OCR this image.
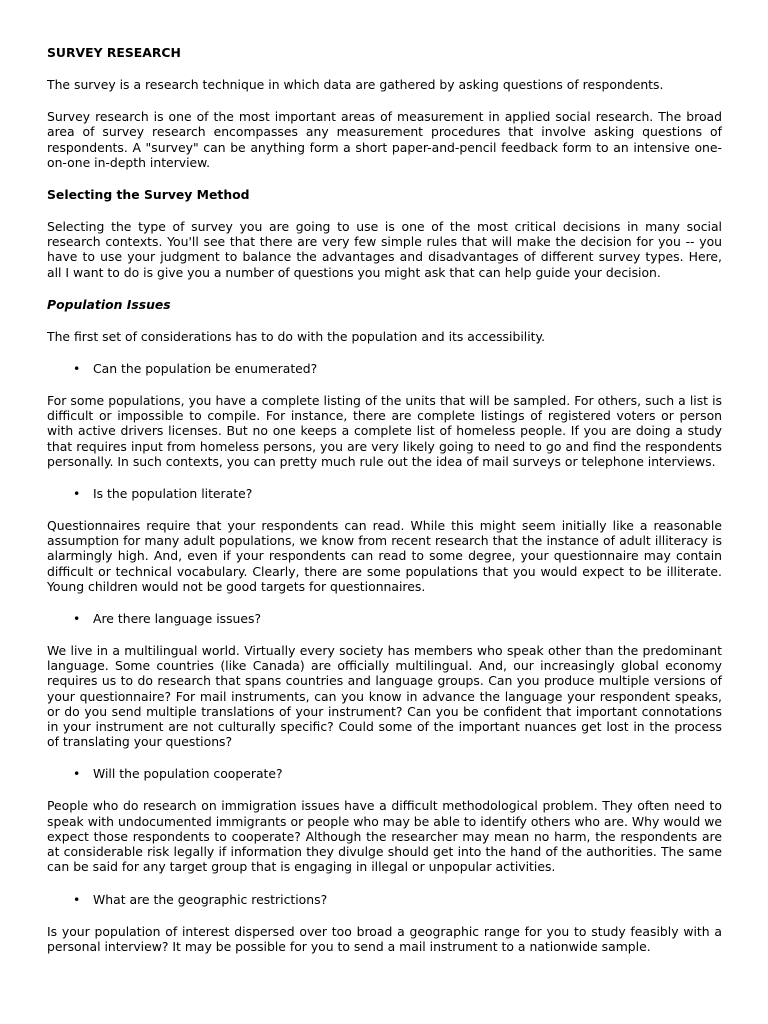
SURVEY RESEARCH

The survey is a research technique in which data are gathered by asking questions of respondents.

Survey research is one of the most important areas of measurement in applied social research. The broad area of survey research encompasses any measurement procedures that involve asking questions of respondents. A "survey" can be anything form a short paper-and-pencil feedback form to an intensive one-on-one in-depth interview.

Selecting the Survey Method

Selecting the type of survey you are going to use is one of the most critical decisions in many social research contexts. You'll see that there are very few simple rules that will make the decision for you -- you have to use your judgment to balance the advantages and disadvantages of different survey types. Here, all I want to do is give you a number of questions you might ask that can help guide your decision.

Population Issues

The first set of considerations has to do with the population and its accessibility.

•	Can the population be enumerated?

For some populations, you have a complete listing of the units that will be sampled. For others, such a list is difficult or impossible to compile. For instance, there are complete listings of registered voters or person with active drivers licenses. But no one keeps a complete list of homeless people. If you are doing a study that requires input from homeless persons, you are very likely going to need to go and find the respondents personally. In such contexts, you can pretty much rule out the idea of mail surveys or telephone interviews.

•	Is the population literate?

Questionnaires require that your respondents can read. While this might seem initially like a reasonable assumption for many adult populations, we know from recent research that the instance of adult illiteracy is alarmingly high. And, even if your respondents can read to some degree, your questionnaire may contain difficult or technical vocabulary. Clearly, there are some populations that you would expect to be illiterate. Young children would not be good targets for questionnaires.

•	Are there language issues?

We live in a multilingual world. Virtually every society has members who speak other than the predominant language. Some countries (like Canada) are officially multilingual. And, our increasingly global economy requires us to do research that spans countries and language groups. Can you produce multiple versions of your questionnaire? For mail instruments, can you know in advance the language your respondent speaks, or do you send multiple translations of your instrument? Can you be confident that important connotations in your instrument are not culturally specific? Could some of the important nuances get lost in the process of translating your questions?

•	Will the population cooperate?

People who do research on immigration issues have a difficult methodological problem. They often need to speak with undocumented immigrants or people who may be able to identify others who are. Why would we expect those respondents to cooperate? Although the researcher may mean no harm, the respondents are at considerable risk legally if information they divulge should get into the hand of the authorities. The same can be said for any target group that is engaging in illegal or unpopular activities.

•	What are the geographic restrictions?

Is your population of interest dispersed over too broad a geographic range for you to study feasibly with a personal interview? It may be possible for you to send a mail instrument to a nationwide sample.
